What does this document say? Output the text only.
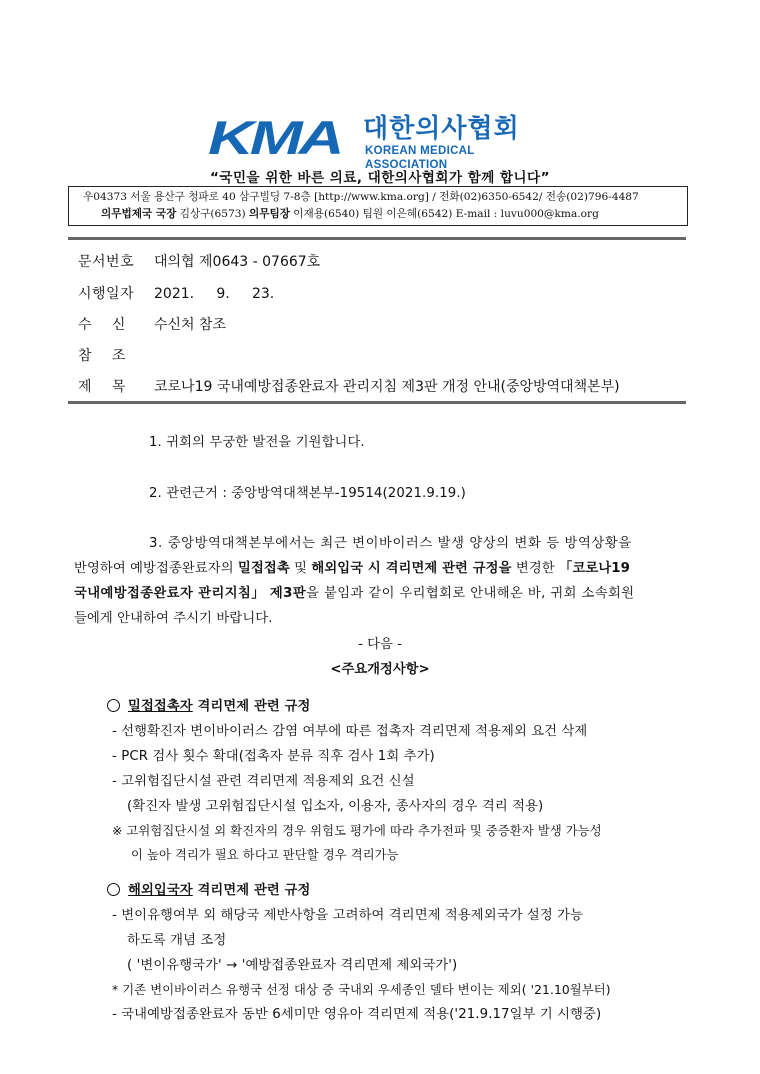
KMA 대한의사협회
KOREAN MEDICAL ASSOCIATION
“국민을 위한 바른 의료, 대한의사협회가 함께 합니다”
우04373 서울 용산구 청파로 40 삼구빌딩 7-8층 [http://www.kma.org] / 전화(02)6350-6542/ 전송(02)796-4487
의무법제국 국장 김상구(6573) 의무팀장 이재용(6540) 팀원 이은혜(6542) E-mail : luvu000@kma.org
문서번호 대의협 제0643 - 07667호
시행일자 2021.     9.     23.
수    신 수신처 참조
참    조
제    목 코로나19 국내예방접종완료자 관리지침 제3판 개정 안내(중앙방역대책본부)
1. 귀회의 무궁한 발전을 기원합니다.
2. 관련근거 : 중앙방역대책본부-19514(2021.9.19.)
3. 중앙방역대책본부에서는 최근 변이바이러스 발생 양상의 변화 등 방역상황을
반영하여 예방접종완료자의 밀접접촉 및 해외입국 시 격리면제 관련 규정을 변경한 「코로나19
국내예방접종완료자 관리지침」 제3판을 붙임과 같이 우리협회로 안내해온 바, 귀회 소속회원
들에게 안내하여 주시기 바랍니다.
- 다음 -
<주요개정사항>
밀접접촉자 격리면제 관련 규정
- 선행확진자 변이바이러스 감염 여부에 따른 접촉자 격리면제 적용제외 요건 삭제
- PCR 검사 횟수 확대(접촉자 분류 직후 검사 1회 추가)
- 고위험집단시설 관련 격리면제 적용제외 요건 신설
(확진자 발생 고위험집단시설 입소자, 이용자, 종사자의 경우 격리 적용)
※ 고위험집단시설 외 확진자의 경우 위험도 평가에 따라 추가전파 및 중증환자 발생 가능성
이 높아 격리가 필요 하다고 판단할 경우 격리가능
해외입국자 격리면제 관련 규정
- 변이유행여부 외 해당국 제반사항을 고려하여 격리면제 적용제외국가 설정 가능
하도록 개념 조정
( '변이유행국가' → '예방접종완료자 격리면제 제외국가')
* 기존 변이바이러스 유행국 선정 대상 중 국내외 우세종인 델타 변이는 제외( '21.10월부터)
- 국내예방접종완료자 동반 6세미만 영유아 격리면제 적용('21.9.17일부 기 시행중)
